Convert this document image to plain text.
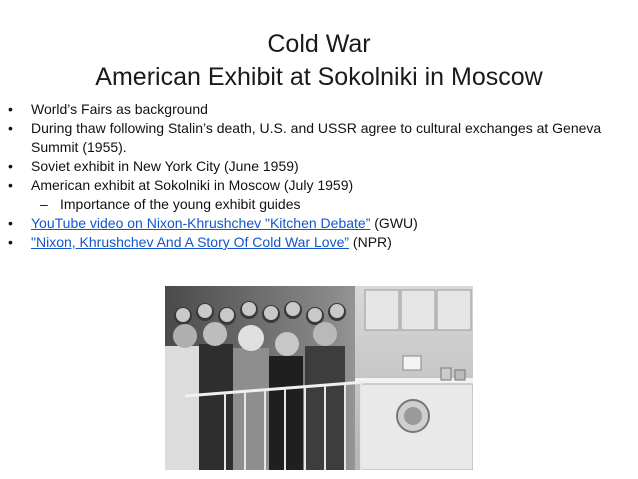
Cold War
American Exhibit at Sokolniki in Moscow
•	World’s Fairs as background
•	During thaw following Stalin’s death, U.S. and USSR agree to cultural exchanges at Geneva Summit (1955).
•	Soviet exhibit in New York City (June 1959)
•	American exhibit at Sokolniki in Moscow (July 1959)
– Importance of the young exhibit guides
•	YouTube video on Nixon-Khrushchev "Kitchen Debate” (GWU)
•	"Nixon, Khrushchev And A Story Of Cold War Love” (NPR)
